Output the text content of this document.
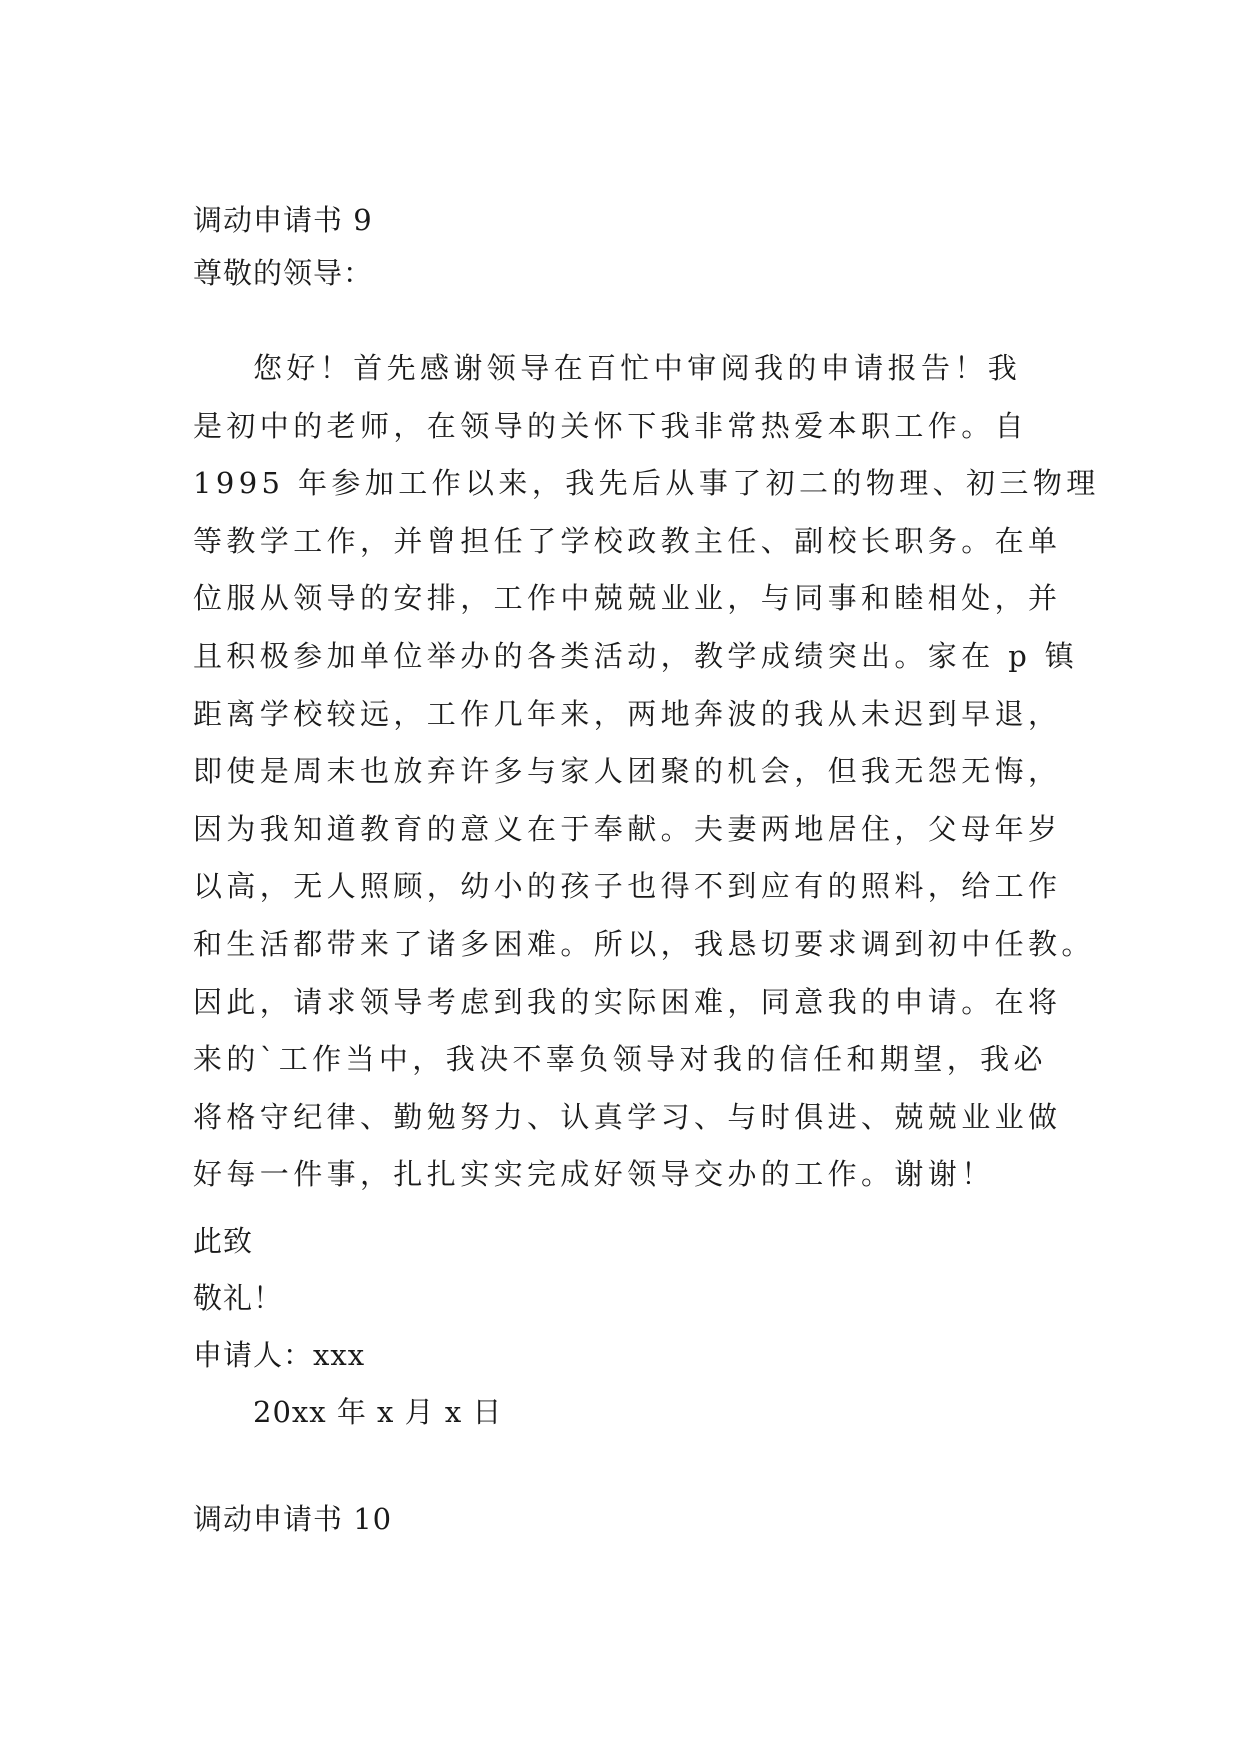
调动申请书 9
尊敬的领导：
您好！首先感谢领导在百忙中审阅我的申请报告！我
是初中的老师，在领导的关怀下我非常热爱本职工作。自
1995 年参加工作以来，我先后从事了初二的物理、初三物理
等教学工作，并曾担任了学校政教主任、副校长职务。在单
位服从领导的安排，工作中兢兢业业，与同事和睦相处，并
且积极参加单位举办的各类活动，教学成绩突出。家在 p 镇
距离学校较远，工作几年来，两地奔波的我从未迟到早退，
即使是周末也放弃许多与家人团聚的机会，但我无怨无悔，
因为我知道教育的意义在于奉献。夫妻两地居住，父母年岁
以高，无人照顾，幼小的孩子也得不到应有的照料，给工作
和生活都带来了诸多困难。所以，我恳切要求调到初中任教。
因此，请求领导考虑到我的实际困难，同意我的申请。在将
来的`工作当中，我决不辜负领导对我的信任和期望，我必
将格守纪律、勤勉努力、认真学习、与时俱进、兢兢业业做
好每一件事，扎扎实实完成好领导交办的工作。谢谢！
此致
敬礼！
申请人：xxx
20xx 年 x 月 x 日
调动申请书 10
